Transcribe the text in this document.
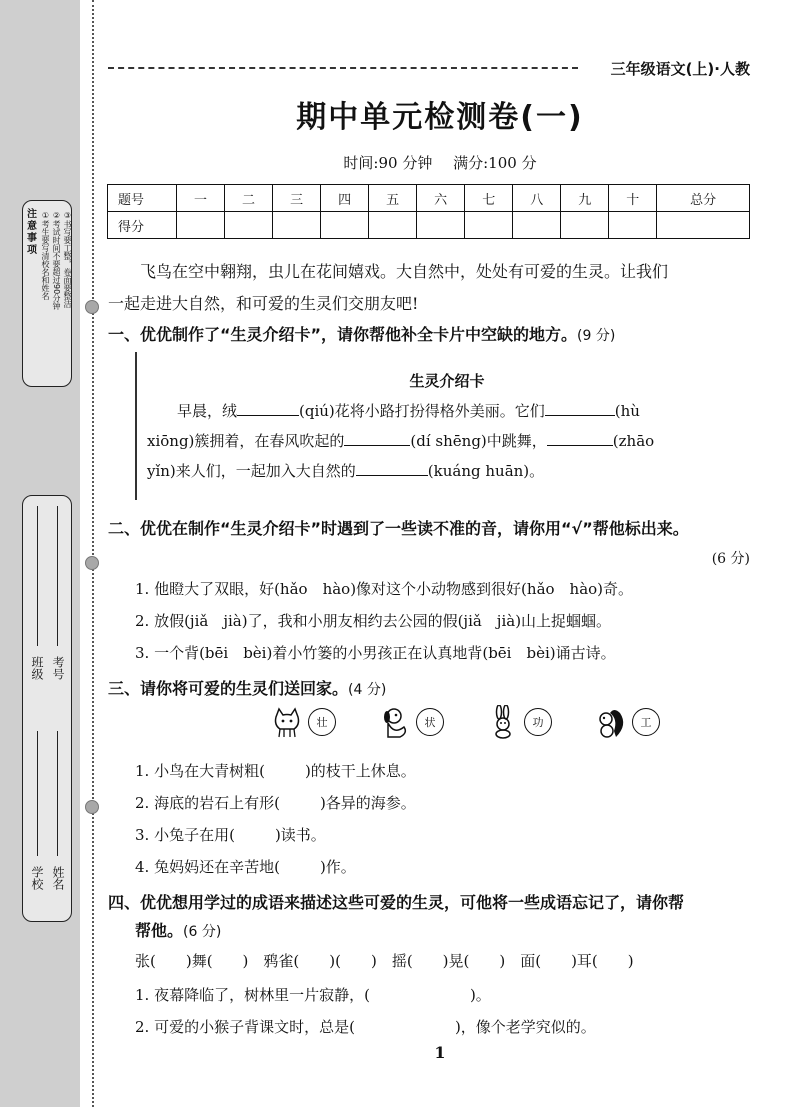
注意事项 ①考生要写清校名和姓名 ②考试时间不要超过90分钟 ③书写要工整，卷面要整洁
学校
班级
姓名
考号
三年级语文(上)·人教
期中单元检测卷(一)
时间:90 分钟 满分:100 分
题号	一	二	三	四	五	六	七	八	九	十	总分
得分											
飞鸟在空中翱翔，虫儿在花间嬉戏。大自然中，处处有可爱的生灵。让我们
一起走进大自然，和可爱的生灵们交朋友吧!
一、优优制作了“生灵介绍卡”，请你帮他补全卡片中空缺的地方。(9 分)
生灵介绍卡
早晨，绒	(qiú)花将小路打扮得格外美丽。它们	(hù
xiōng)簇拥着，在春风吹起的	(dí shēng)中跳舞，	(zhāo
yǐn)来人们，一起加入大自然的	(kuáng huān)。
二、优优在制作“生灵介绍卡”时遇到了一些读不准的音，请你用“√”帮他标出来。
(6 分)
1. 他瞪大了双眼，好(hǎo　hào)像对这个小动物感到很好(hǎo　hào)奇。
2. 放假(jiǎ　jià)了，我和小朋友相约去公园的假(jiǎ　jià)山上捉蝈蝈。
3. 一个背(bēi　bèi)着小竹篓的小男孩正在认真地背(bēi　bèi)诵古诗。
三、请你将可爱的生灵们送回家。(4 分)
壮	状	功	工
1. 小鸟在大青树粗(	)的枝干上休息。
2. 海底的岩石上有形(	)各异的海参。
3. 小兔子在用(	)读书。
4. 兔妈妈还在辛苦地(	)作。
四、优优想用学过的成语来描述这些可爱的生灵，可他将一些成语忘记了，请你帮
帮他。(6 分)
张(　　)舞(　　)　鸦雀(　　)(　　)　摇(　　)晃(　　)　面(　　)耳(　　)
1. 夜幕降临了，树林里一片寂静，(	)。
2. 可爱的小猴子背课文时，总是(	)，像个老学究似的。
1
